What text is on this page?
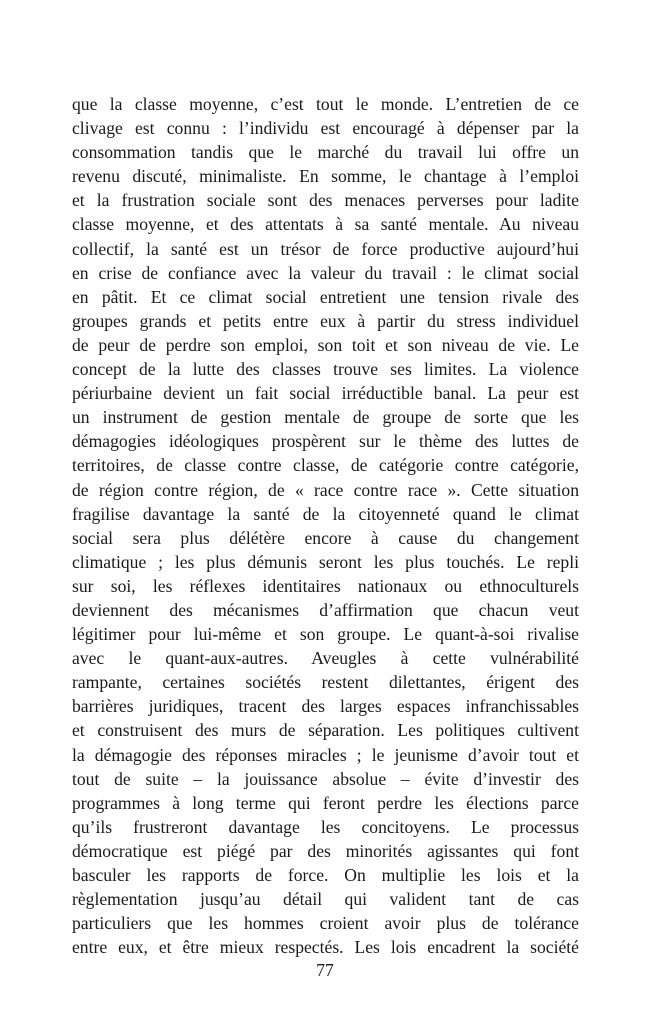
que la classe moyenne, c’est tout le monde. L’entretien de ce
clivage est connu : l’individu est encouragé à dépenser par la
consommation tandis que le marché du travail lui offre un
revenu discuté, minimaliste. En somme, le chantage à l’emploi
et la frustration sociale sont des menaces perverses pour ladite
classe moyenne, et des attentats à sa santé mentale. Au niveau
collectif, la santé est un trésor de force productive aujourd’hui
en crise de confiance avec la valeur du travail : le climat social
en pâtit. Et ce climat social entretient une tension rivale des
groupes grands et petits entre eux à partir du stress individuel
de peur de perdre son emploi, son toit et son niveau de vie. Le
concept de la lutte des classes trouve ses limites. La violence
périurbaine devient un fait social irréductible banal. La peur est
un instrument de gestion mentale de groupe de sorte que les
démagogies idéologiques prospèrent sur le thème des luttes de
territoires, de classe contre classe, de catégorie contre catégorie,
de région contre région, de « race contre race ». Cette situation
fragilise davantage la santé de la citoyenneté quand le climat
social sera plus délétère encore à cause du changement
climatique ; les plus démunis seront les plus touchés. Le repli
sur soi, les réflexes identitaires nationaux ou ethnoculturels
deviennent des mécanismes d’affirmation que chacun veut
légitimer pour lui-même et son groupe. Le quant-à-soi rivalise
avec le quant-aux-autres. Aveugles à cette vulnérabilité
rampante, certaines sociétés restent dilettantes, érigent des
barrières juridiques, tracent des larges espaces infranchissables
et construisent des murs de séparation. Les politiques cultivent
la démagogie des réponses miracles ; le jeunisme d’avoir tout et
tout de suite – la jouissance absolue – évite d’investir des
programmes à long terme qui feront perdre les élections parce
qu’ils frustreront davantage les concitoyens. Le processus
démocratique est piégé par des minorités agissantes qui font
basculer les rapports de force. On multiplie les lois et la
règlementation jusqu’au détail qui valident tant de cas
particuliers que les hommes croient avoir plus de tolérance
entre eux, et être mieux respectés. Les lois encadrent la société
77
